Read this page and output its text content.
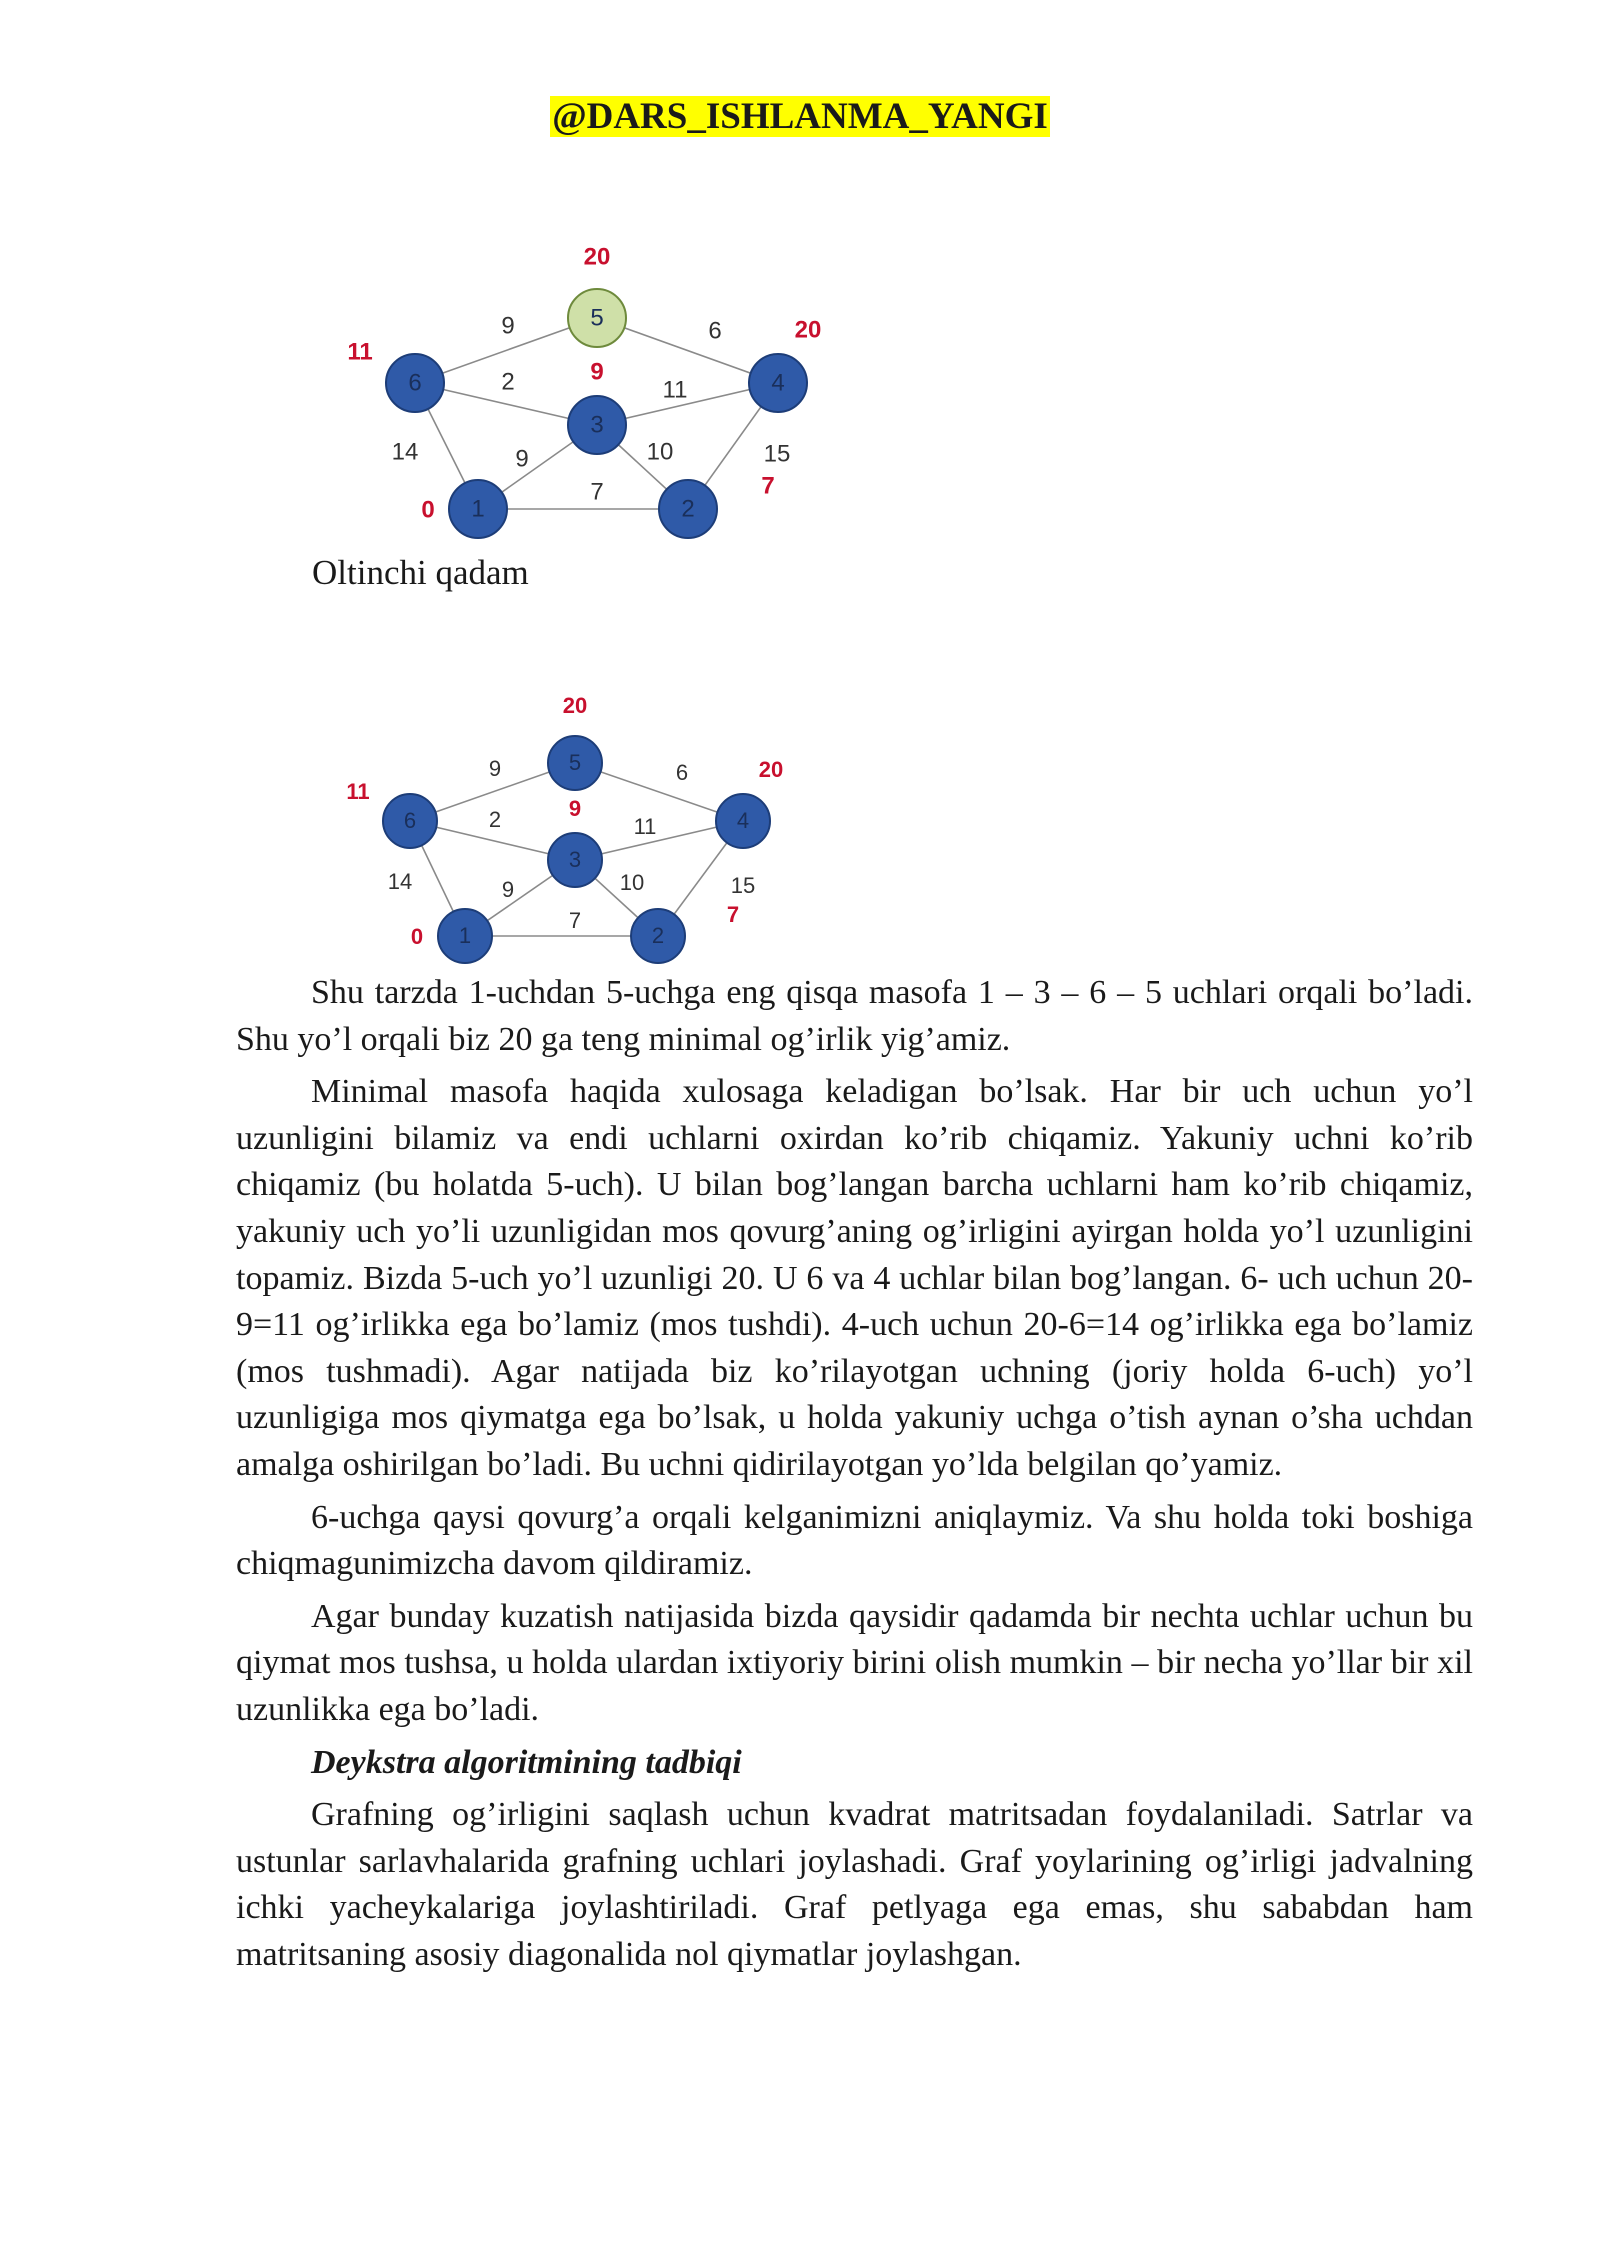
@DARS_ISHLANMA_YANGI
9	6
2	11
14	9	10	15
7
1
0	2
7
3
9	4
20
5
20
6
11
Oltinchi qadam
9	6
2	11
14	9	10	15
7
1
0	2
7
3
9	4
20
5
20
6
11

Shu tarzda 1-uchdan 5-uchga eng qisqa masofa 1 – 3 – 6 – 5 uchlari orqali bo’ladi. Shu yo’l orqali biz 20 ga teng minimal og’irlik yig’amiz.

Minimal masofa haqida xulosaga keladigan bo’lsak. Har bir uch uchun yo’l uzunligini bilamiz va endi uchlarni oxirdan ko’rib chiqamiz. Yakuniy uchni ko’rib chiqamiz (bu holatda 5-uch). U bilan bog’langan barcha uchlarni ham ko’rib chiqamiz, yakuniy uch yo’li uzunligidan mos qovurg’aning og’irligini ayirgan holda yo’l uzunligini topamiz. Bizda 5-uch yo’l uzunligi 20. U 6 va 4 uchlar bilan bog’langan. 6- uch uchun 20-9=11 og’irlikka ega bo’lamiz (mos tushdi). 4-uch uchun 20-6=14 og’irlikka ega bo’lamiz (mos tushmadi). Agar natijada biz ko’rilayotgan uchning (joriy holda 6-uch) yo’l uzunligiga mos qiymatga ega bo’lsak, u holda yakuniy uchga o’tish aynan o’sha uchdan amalga oshirilgan bo’ladi. Bu uchni qidirilayotgan yo’lda belgilan qo’yamiz.

6-uchga qaysi qovurg’a orqali kelganimizni aniqlaymiz. Va shu holda toki boshiga chiqmagunimizcha davom qildiramiz.

Agar bunday kuzatish natijasida bizda qaysidir qadamda bir nechta uchlar uchun bu qiymat mos tushsa, u holda ulardan ixtiyoriy birini olish mumkin – bir necha yo’llar bir xil uzunlikka ega bo’ladi.

Deykstra algoritmining tadbiqi

Grafning og’irligini saqlash uchun kvadrat matritsadan foydalaniladi. Satrlar va ustunlar sarlavhalarida grafning uchlari joylashadi. Graf yoylarining og’irligi jadvalning ichki yacheykalariga joylashtiriladi. Graf petlyaga ega emas, shu sababdan ham matritsaning asosiy diagonalida nol qiymatlar joylashgan.
